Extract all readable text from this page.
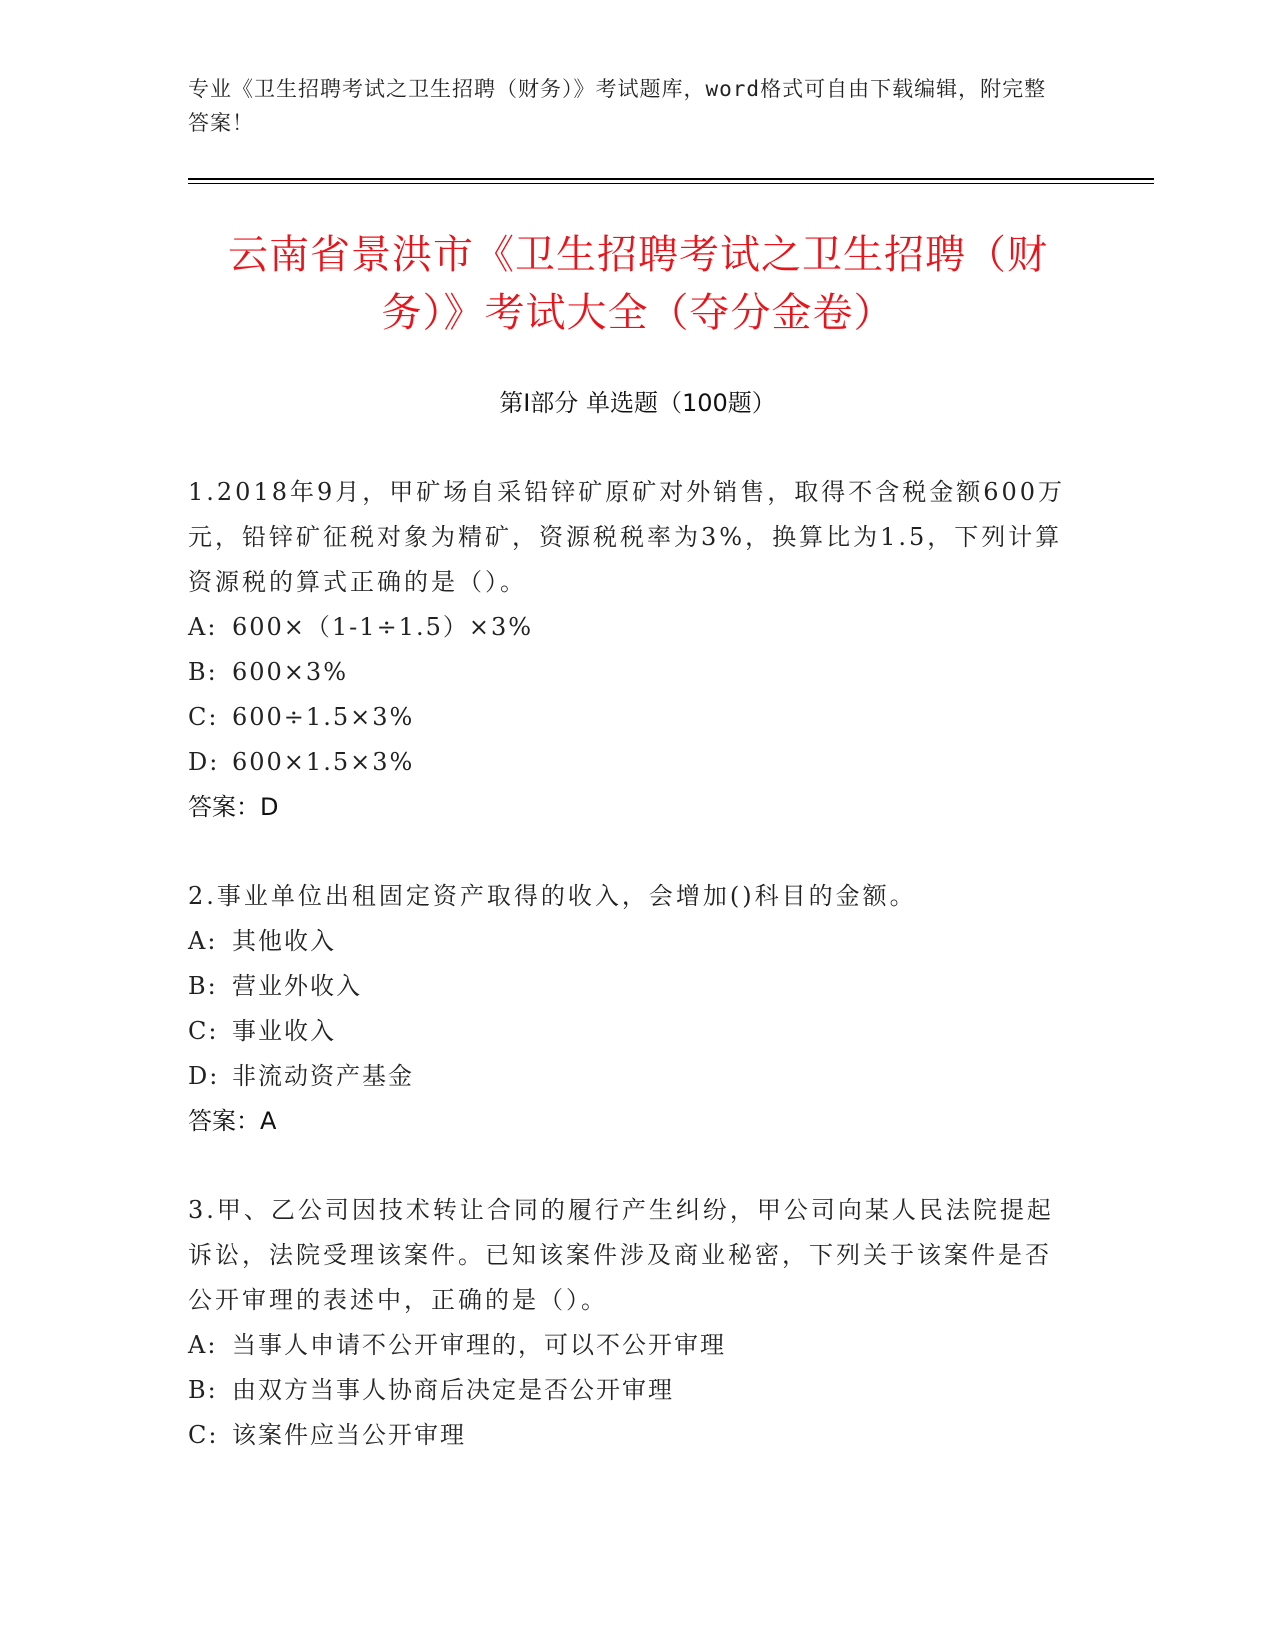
专业《卫生招聘考试之卫生招聘（财务）》考试题库，word格式可自由下载编辑，附完整答案！
云南省景洪市《卫生招聘考试之卫生招聘（财务）》考试大全（夺分金卷）
第I部分 单选题（100题）
1.2018年9月，甲矿场自采铅锌矿原矿对外销售，取得不含税金额600万元，铅锌矿征税对象为精矿，资源税税率为3%，换算比为1.5，下列计算资源税的算式正确的是（）。
A: 600×（1-1÷1.5）×3%
B: 600×3%
C: 600÷1.5×3%
D: 600×1.5×3%
答案：D
2.事业单位出租固定资产取得的收入，会增加()科目的金额。
A: 其他收入
B: 营业外收入
C: 事业收入
D: 非流动资产基金
答案：A
3.甲、乙公司因技术转让合同的履行产生纠纷，甲公司向某人民法院提起诉讼，法院受理该案件。已知该案件涉及商业秘密，下列关于该案件是否公开审理的表述中，正确的是（）。
A: 当事人申请不公开审理的，可以不公开审理
B: 由双方当事人协商后决定是否公开审理
C: 该案件应当公开审理
